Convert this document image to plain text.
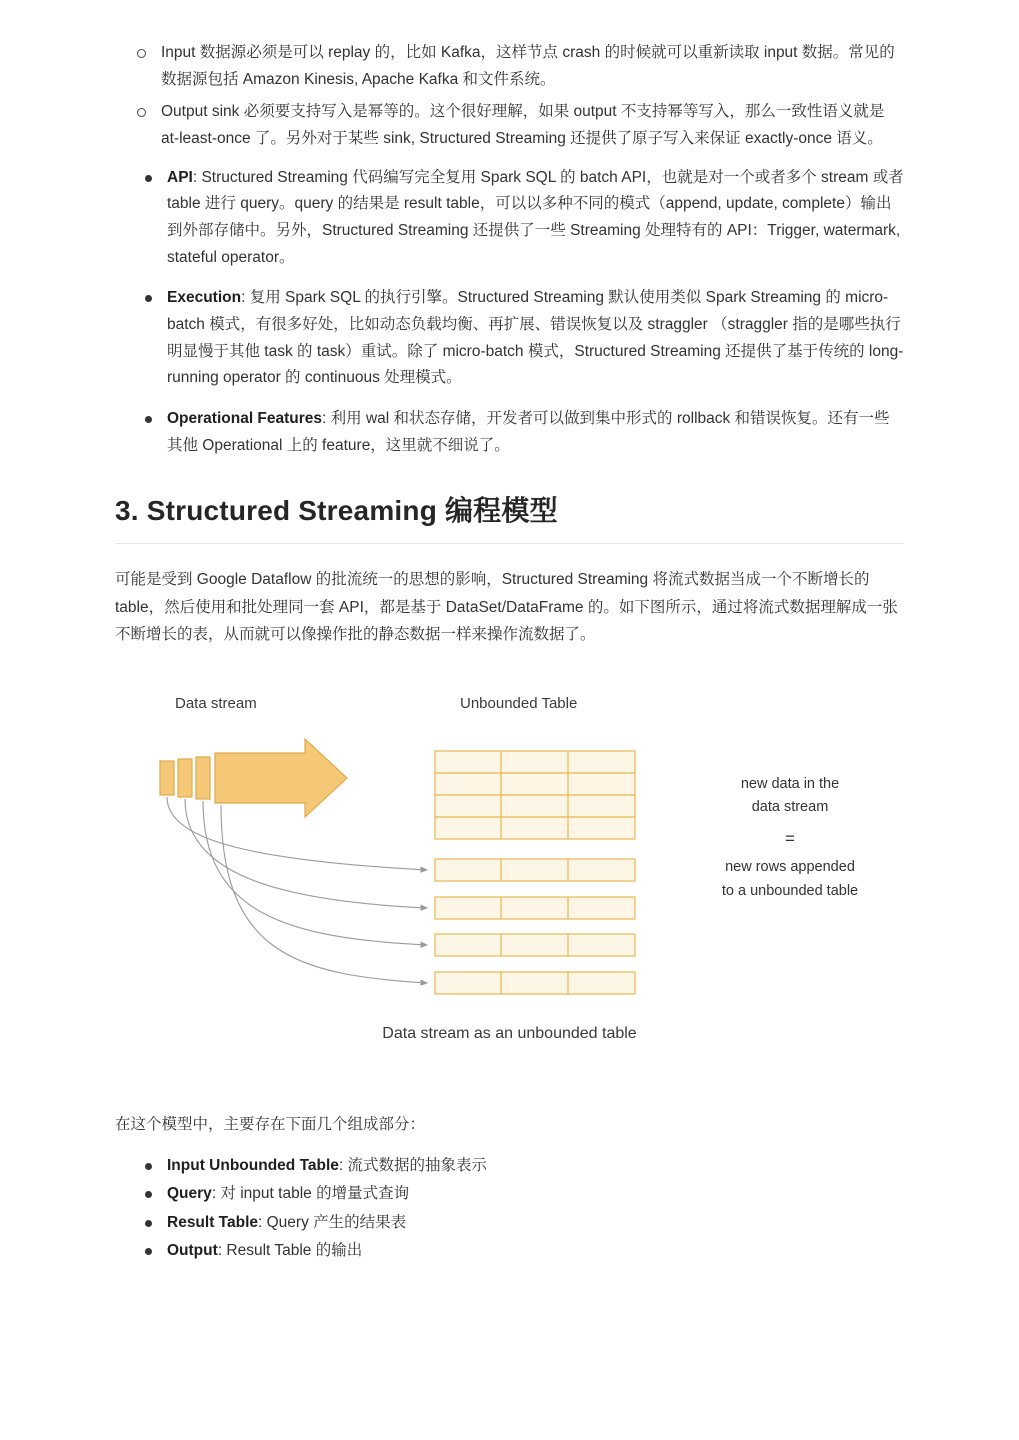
Input 数据源必须是可以 replay 的，比如 Kafka，这样节点 crash 的时候就可以重新读取 input 数据。常见的数据源包括 Amazon Kinesis, Apache Kafka 和文件系统。
Output sink 必须要支持写入是幂等的。这个很好理解，如果 output 不支持幂等写入，那么一致性语义就是 at-least-once 了。另外对于某些 sink, Structured Streaming 还提供了原子写入来保证 exactly-once 语义。
API: Structured Streaming 代码编写完全复用 Spark SQL 的 batch API，也就是对一个或者多个 stream 或者 table 进行 query。query 的结果是 result table，可以以多种不同的模式（append, update, complete）输出到外部存储中。另外，Structured Streaming 还提供了一些 Streaming 处理特有的 API：Trigger, watermark, stateful operator。
Execution: 复用 Spark SQL 的执行引擎。Structured Streaming 默认使用类似 Spark Streaming 的 micro-batch 模式，有很多好处，比如动态负载均衡、再扩展、错误恢复以及 straggler （straggler 指的是哪些执行明显慢于其他 task 的 task）重试。除了 micro-batch 模式，Structured Streaming 还提供了基于传统的 long-running operator 的 continuous 处理模式。
Operational Features: 利用 wal 和状态存储，开发者可以做到集中形式的 rollback 和错误恢复。还有一些其他 Operational 上的 feature，这里就不细说了。
3. Structured Streaming 编程模型

可能是受到 Google Dataflow 的批流统一的思想的影响，Structured Streaming 将流式数据当成一个不断增长的 table，然后使用和批处理同一套 API，都是基于 DataSet/DataFrame 的。如下图所示，通过将流式数据理解成一张不断增长的表，从而就可以像操作批的静态数据一样来操作流数据了。

Data stream	Unbounded Table
new data in the
data stream
=
new rows appended
to a unbounded table
Data stream as an unbounded table

在这个模型中，主要存在下面几个组成部分：

Input Unbounded Table: 流式数据的抽象表示
Query: 对 input table 的增量式查询
Result Table: Query 产生的结果表
Output: Result Table 的输出
